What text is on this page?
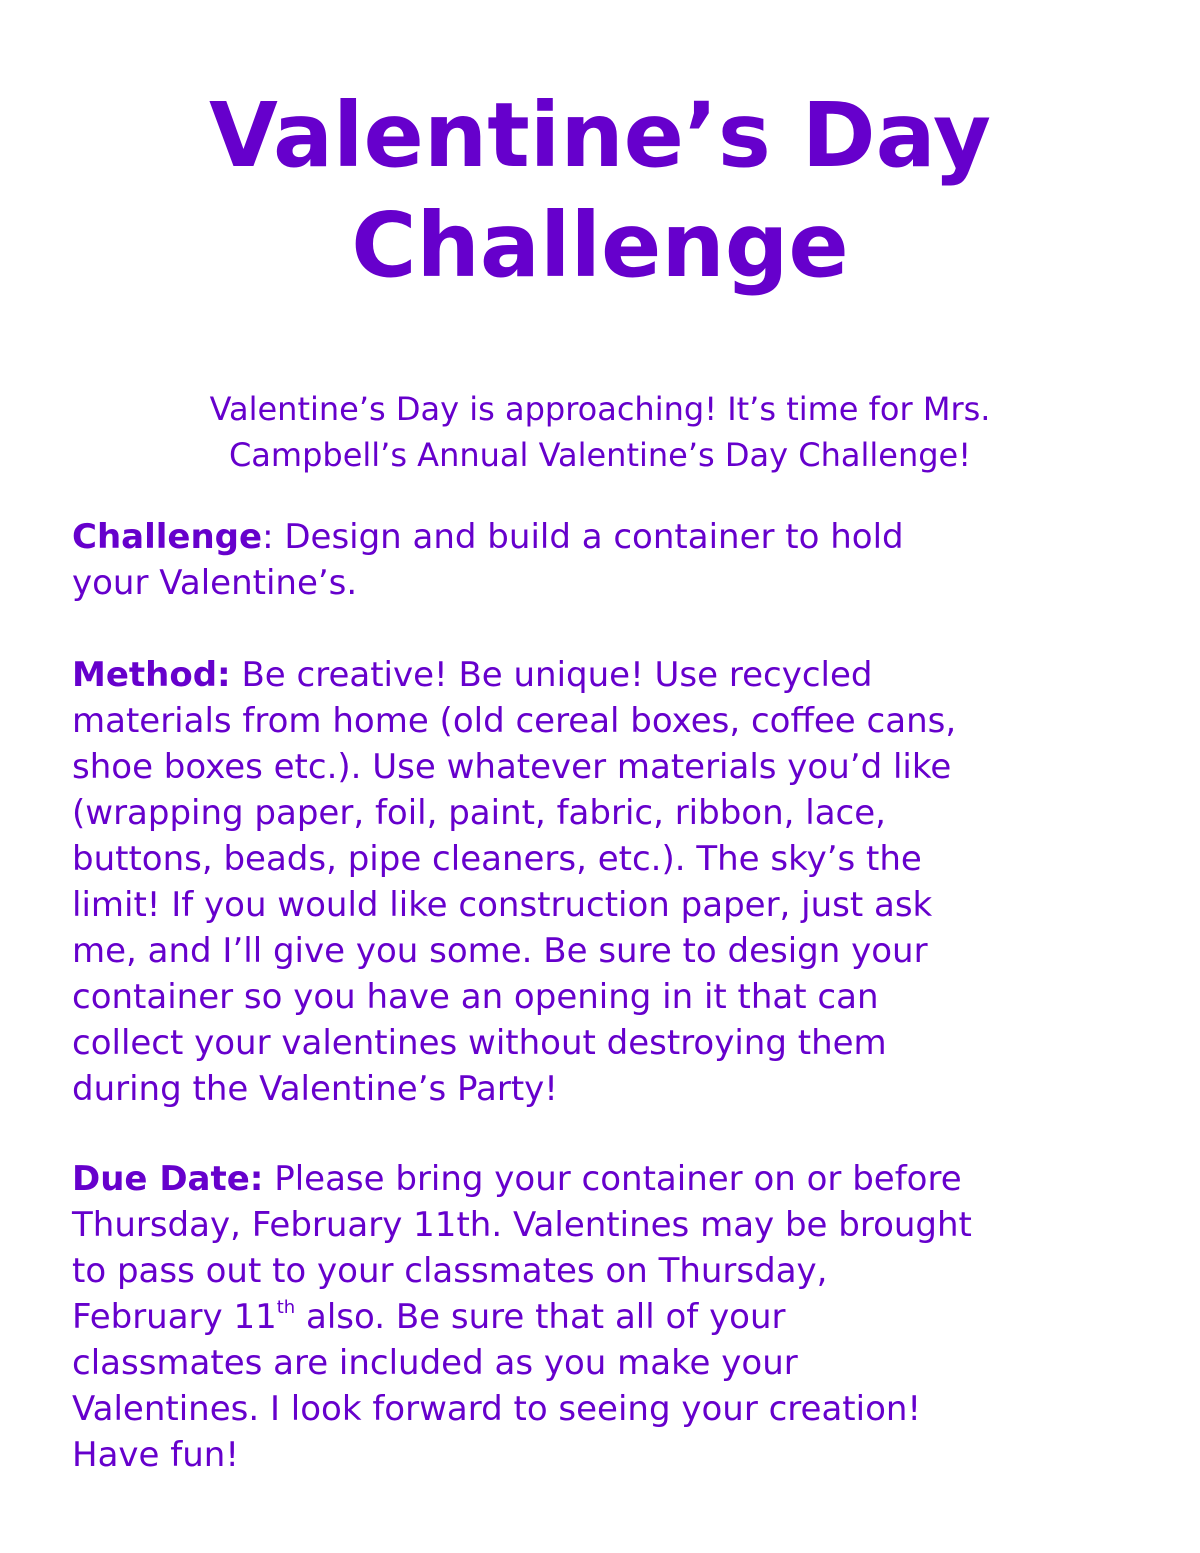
Valentine’s Day
Challenge

Valentine’s Day is approaching! It’s time for Mrs.
Campbell’s Annual Valentine’s Day Challenge!

Challenge: Design and build a container to hold
your Valentine’s.

Method: Be creative! Be unique! Use recycled
materials from home (old cereal boxes, coffee cans,
shoe boxes etc.). Use whatever materials you’d like
(wrapping paper, foil, paint, fabric, ribbon, lace,
buttons, beads, pipe cleaners, etc.). The sky’s the
limit! If you would like construction paper, just ask
me, and I’ll give you some. Be sure to design your
container so you have an opening in it that can
collect your valentines without destroying them
during the Valentine’s Party!

Due Date: Please bring your container on or before
Thursday, February 11th. Valentines may be brought
to pass out to your classmates on Thursday,
February 11th also. Be sure that all of your
classmates are included as you make your
Valentines. I look forward to seeing your creation!
Have fun!
